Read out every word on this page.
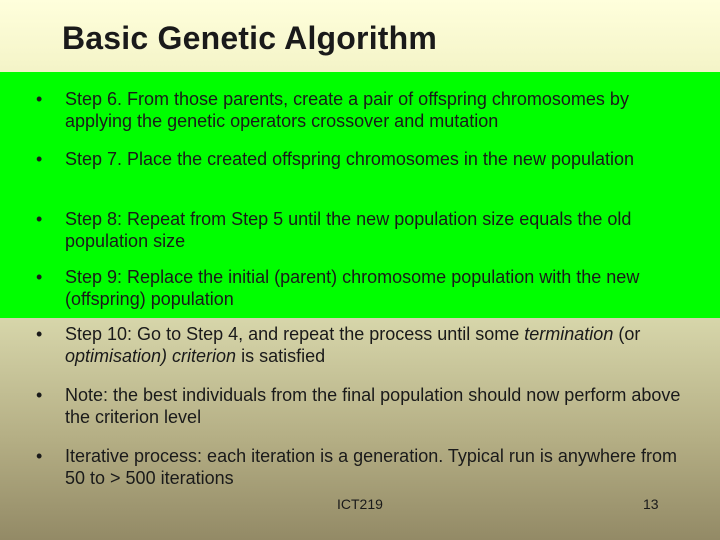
Basic Genetic Algorithm
•	Step 6. From those parents, create a pair of offspring chromosomes by applying the genetic operators crossover and mutation
•	Step 7. Place the created offspring chromosomes in the new population
•	Step 8: Repeat from Step 5 until the new population size equals the old population size
•	Step 9: Replace the initial (parent) chromosome population with the new (offspring) population
•	Step 10: Go to Step 4, and repeat the process until some termination (or optimisation) criterion is satisfied
•	Note: the best individuals from the final population should now perform above the criterion level
•	Iterative process: each iteration is a generation. Typical run is anywhere from 50 to > 500 iterations
ICT219	13
